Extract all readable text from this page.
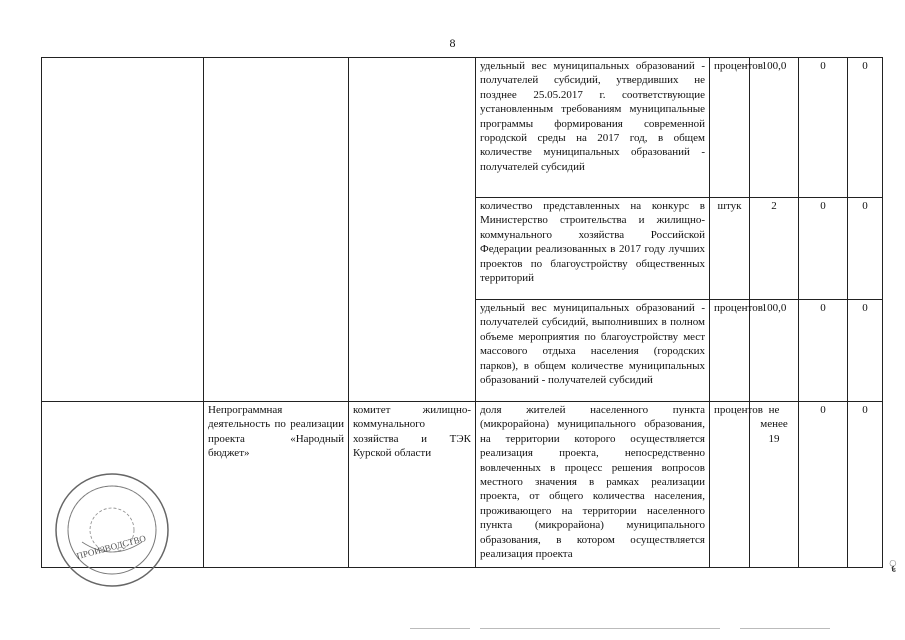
8
			удельный вес муниципальных образований - получателей субсидий, утвердивших не позднее 25.05.2017 г. соответствующие установленным требованиям муниципальные программы формирования современной городской среды на 2017 год, в общем количестве муниципальных образований - получателей субсидий	процентов	100,0	0	0
			количество представленных на конкурс в Министерство строительства и жилищно-коммунального хозяйства Российской Федерации реализованных в 2017 году лучших проектов по благоустройству общественных территорий	штук	2	0	0
			удельный вес муниципальных образований - получателей субсидий, выполнивших в полном объеме мероприятия по благоустройству мест массового отдыха населения (городских парков), в общем количестве муниципальных образований - получателей субсидий	процентов	100,0	0	0
	Непрограммная деятельность по реализации проекта «Народный бюджет»	комитет жилищно-коммунального хозяйства и ТЭК Курской области	доля жителей населенного пункта (микрорайона) муниципального образования, на территории которого осуществляется реализация проекта, непосредственно вовлеченных в процесс решения вопросов местного значения в рамках реализации проекта, от общего количества населения, проживающего на территории населенного пункта (микрорайона) муниципального образования, в котором осуществляется реализация проекта	процентов	не менее 19	0	0
ПРОИЗВОДСТВО
ॄ
